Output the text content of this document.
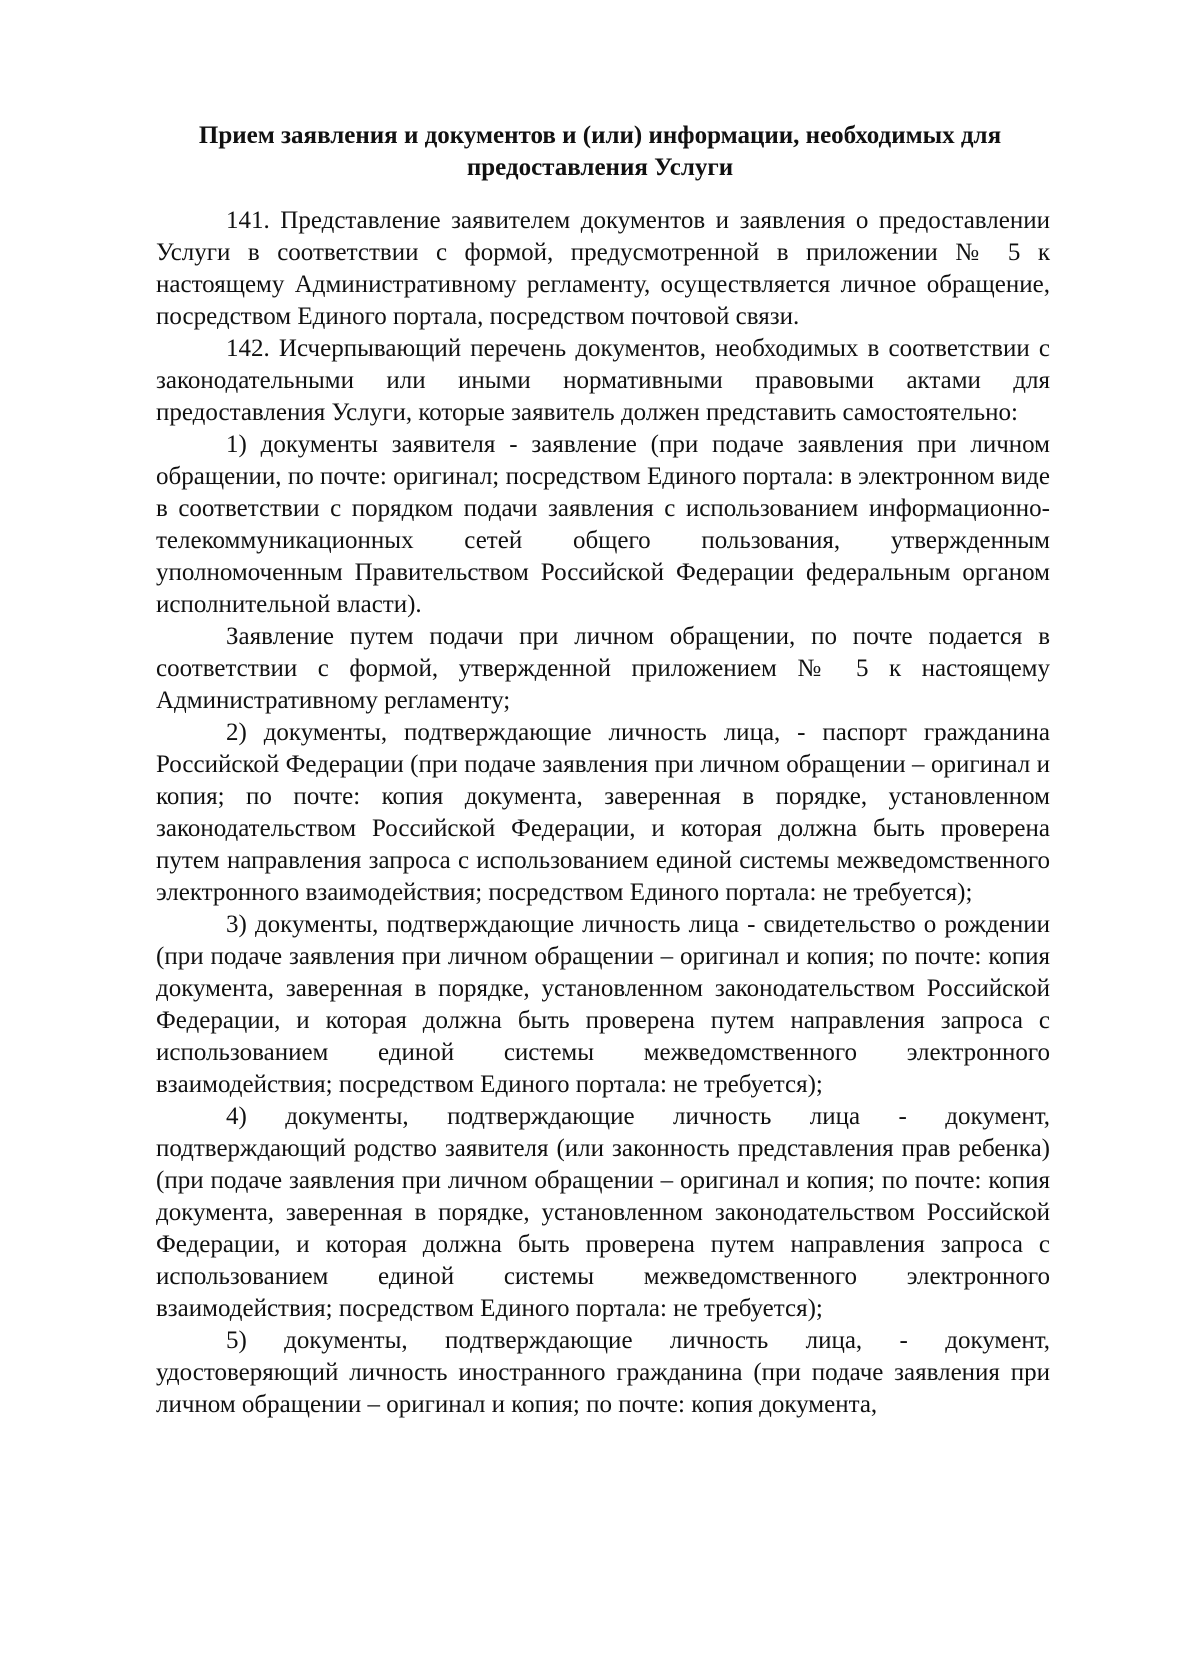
Прием заявления и документов и (или) информации, необходимых для
предоставления Услуги

141. Представление заявителем документов и заявления о предоставлении Услуги в соответствии с формой, предусмотренной в приложении № 5 к настоящему Административному регламенту, осуществляется личное обращение, посредством Единого портала, посредством почтовой связи.

142. Исчерпывающий перечень документов, необходимых в соответствии с законодательными или иными нормативными правовыми актами для предоставления Услуги, которые заявитель должен представить самостоятельно:

1) документы заявителя - заявление (при подаче заявления при личном обращении, по почте: оригинал; посредством Единого портала: в электронном виде в соответствии с порядком подачи заявления с использованием информационно-телекоммуникационных сетей общего пользования, утвержденным уполномоченным Правительством Российской Федерации федеральным органом исполнительной власти).

Заявление путем подачи при личном обращении, по почте подается в соответствии с формой, утвержденной приложением № 5 к настоящему Административному регламенту;

2) документы, подтверждающие личность лица, - паспорт гражданина Российской Федерации (при подаче заявления при личном обращении – оригинал и копия; по почте: копия документа, заверенная в порядке, установленном законодательством Российской Федерации, и которая должна быть проверена путем направления запроса с использованием единой системы межведомственного электронного взаимодействия; посредством Единого портала: не требуется);

3) документы, подтверждающие личность лица - свидетельство о рождении (при подаче заявления при личном обращении – оригинал и копия; по почте: копия документа, заверенная в порядке, установленном законодательством Российской Федерации, и которая должна быть проверена путем направления запроса с использованием единой системы межведомственного электронного взаимодействия; посредством Единого портала: не требуется);

4) документы, подтверждающие личность лица - документ, подтверждающий родство заявителя (или законность представления прав ребенка) (при подаче заявления при личном обращении – оригинал и копия; по почте: копия документа, заверенная в порядке, установленном законодательством Российской Федерации, и которая должна быть проверена путем направления запроса с использованием единой системы межведомственного электронного взаимодействия; посредством Единого портала: не требуется);

5) документы, подтверждающие личность лица, - документ, удостоверяющий личность иностранного гражданина (при подаче заявления при личном обращении – оригинал и копия; по почте: копия документа,
